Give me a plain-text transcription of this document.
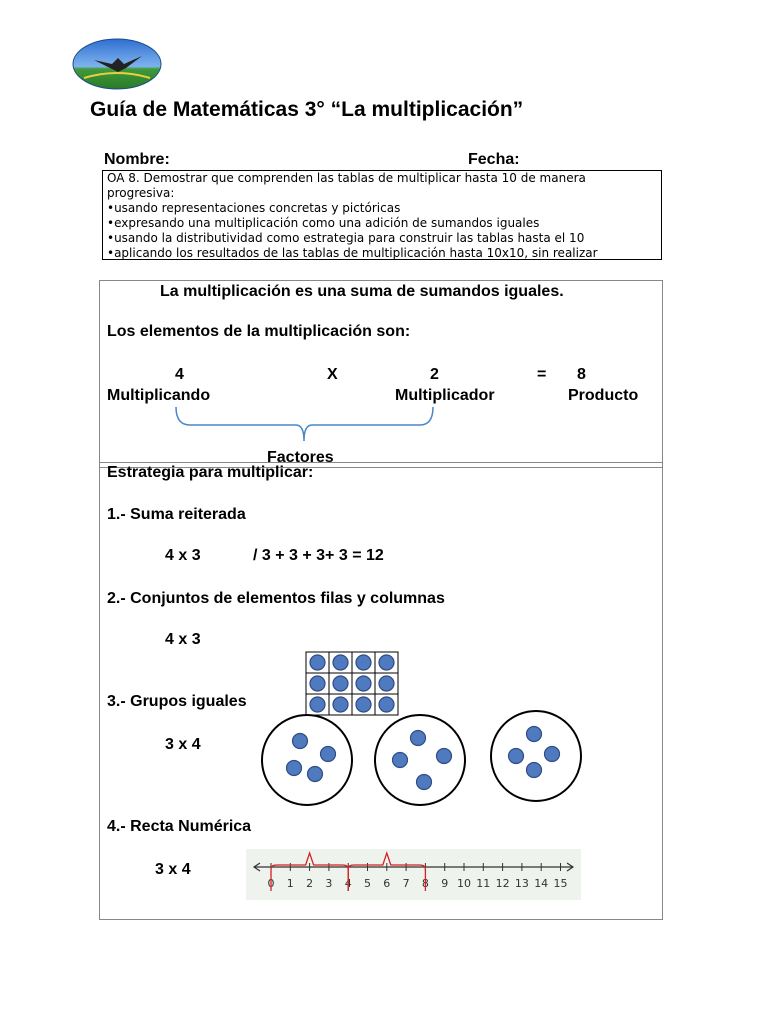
Guía de Matemáticas 3° “La multiplicación”
Nombre:	Fecha:
OA 8. Demostrar que comprenden las tablas de multiplicar hasta 10 de manera
progresiva:
•usando representaciones concretas y pictóricas
•expresando una multiplicación como una adición de sumandos iguales
•usando la distributividad como estrategia para construir las tablas hasta el 10
•aplicando los resultados de las tablas de multiplicación hasta 10x10, sin realizar
La multiplicación es una suma de sumandos iguales.
Los elementos de la multiplicación son:
4	X	2	= 8
Multiplicando	Multiplicador	Producto
Factores
Estrategia para multiplicar:
1.- Suma reiterada
4 x 3	/ 3 + 3 + 3+ 3 = 12
2.- Conjuntos de elementos filas y columnas
4 x 3
3.- Grupos iguales
3 x 4
4.- Recta Numérica
3 x 4
0 1 2 3 4 5 6 7 8 9 10 11 12 13 14 15
